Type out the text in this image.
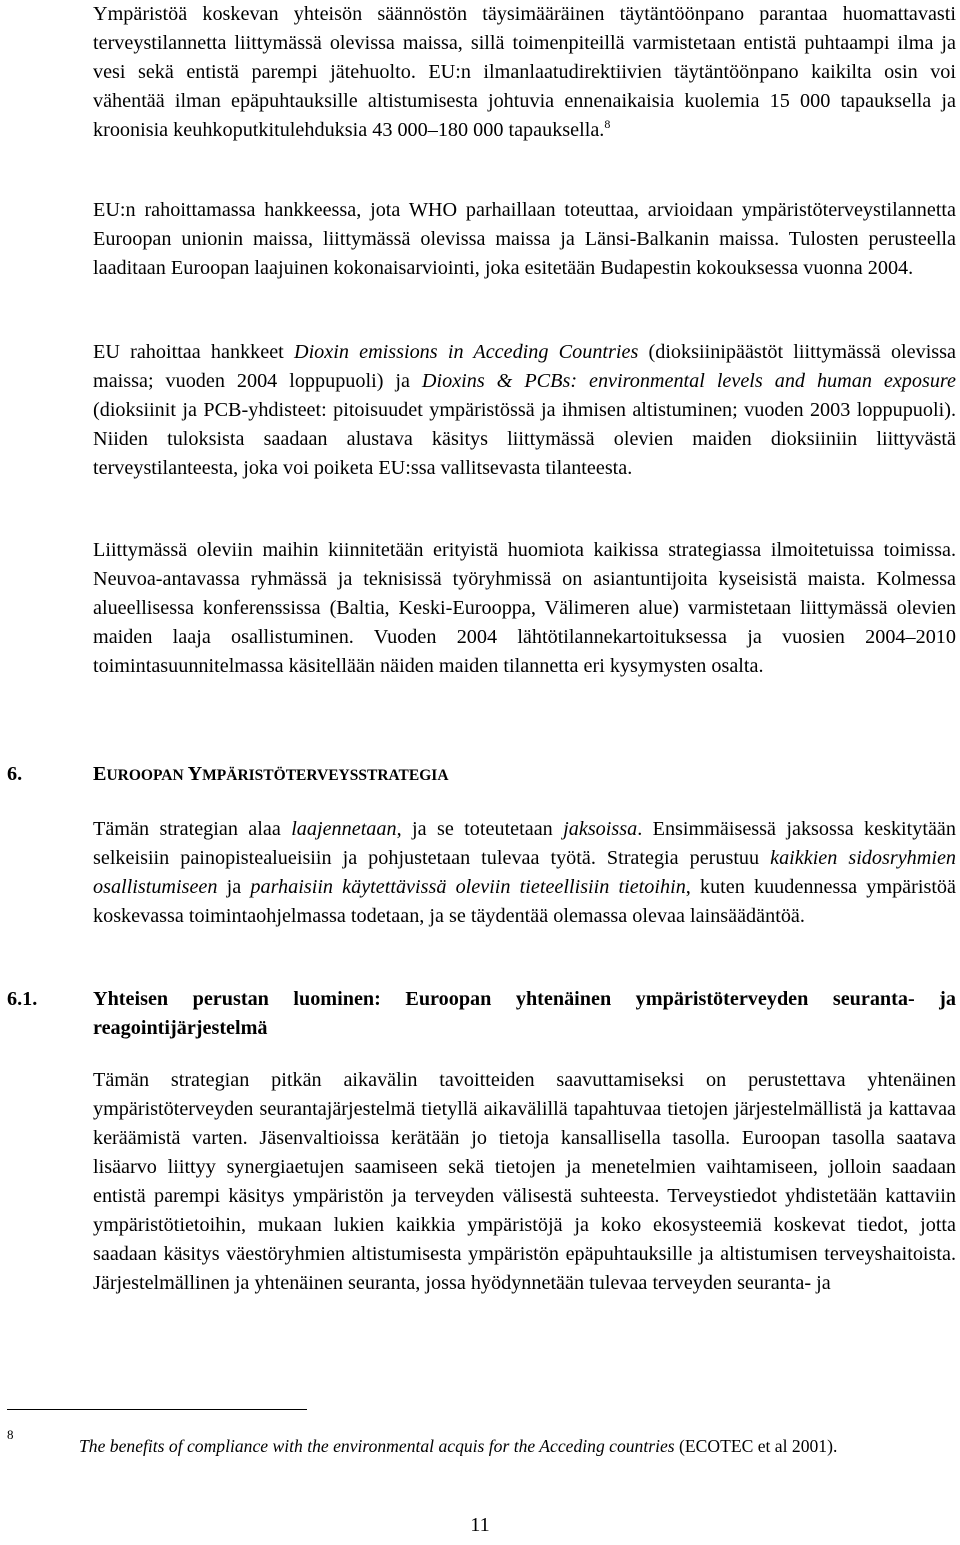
Ympäristöä koskevan yhteisön säännöstön täysimääräinen täytäntöönpano parantaa huomattavasti terveystilannetta liittymässä olevissa maissa, sillä toimenpiteillä varmistetaan entistä puhtaampi ilma ja vesi sekä entistä parempi jätehuolto. EU:n ilmanlaatudirektiivien täytäntöönpano kaikilta osin voi vähentää ilman epäpuhtauksille altistumisesta johtuvia ennenaikaisia kuolemia 15 000 tapauksella ja kroonisia keuhkoputkitulehduksia 43 000–180 000 tapauksella.$^8$

EU:n rahoittamassa hankkeessa, jota WHO parhaillaan toteuttaa, arvioidaan ympäristöterveystilannetta Euroopan unionin maissa, liittymässä olevissa maissa ja Länsi-Balkanin maissa. Tulosten perusteella laaditaan Euroopan laajuinen kokonaisarviointi, joka esitetään Budapestin kokouksessa vuonna 2004.

EU rahoittaa hankkeet Dioxin emissions in Acceding Countries (dioksiinipäästöt liittymässä olevissa maissa; vuoden 2004 loppupuoli) ja Dioxins & PCBs: environmental levels and human exposure (dioksiinit ja PCB-yhdisteet: pitoisuudet ympäristössä ja ihmisen altistuminen; vuoden 2003 loppupuoli). Niiden tuloksista saadaan alustava käsitys liittymässä olevien maiden dioksiiniin liittyvästä terveystilanteesta, joka voi poiketa EU:ssa vallitsevasta tilanteesta.

Liittymässä oleviin maihin kiinnitetään erityistä huomiota kaikissa strategiassa ilmoitetuissa toimissa. Neuvoa-antavassa ryhmässä ja teknisissä työryhmissä on asiantuntijoita kyseisistä maista. Kolmessa alueellisessa konferenssissa (Baltia, Keski-Eurooppa, Välimeren alue) varmistetaan liittymässä olevien maiden laaja osallistuminen. Vuoden 2004 lähtötilannekartoituksessa ja vuosien 2004–2010 toimintasuunnitelmassa käsitellään näiden maiden tilannetta eri kysymysten osalta.

6.	EUROOPAN YMPÄRISTÖTERVEYSSTRATEGIA

Tämän strategian alaa laajennetaan, ja se toteutetaan jaksoissa. Ensimmäisessä jaksossa keskitytään selkeisiin painopistealueisiin ja pohjustetaan tulevaa työtä. Strategia perustuu kaikkien sidosryhmien osallistumiseen ja parhaisiin käytettävissä oleviin tieteellisiin tietoihin, kuten kuudennessa ympäristöä koskevassa toimintaohjelmassa todetaan, ja se täydentää olemassa olevaa lainsäädäntöä.

6.1.	Yhteisen perustan luominen: Euroopan yhtenäinen ympäristöterveyden seuranta- ja reagointijärjestelmä

Tämän strategian pitkän aikavälin tavoitteiden saavuttamiseksi on perustettava yhtenäinen ympäristöterveyden seurantajärjestelmä tietyllä aikavälillä tapahtuvaa tietojen järjestelmällistä ja kattavaa keräämistä varten. Jäsenvaltioissa kerätään jo tietoja kansallisella tasolla. Euroopan tasolla saatava lisäarvo liittyy synergiaetujen saamiseen sekä tietojen ja menetelmien vaihtamiseen, jolloin saadaan entistä parempi käsitys ympäristön ja terveyden välisestä suhteesta. Terveystiedot yhdistetään kattaviin ympäristötietoihin, mukaan lukien kaikkia ympäristöjä ja koko ekosysteemiä koskevat tiedot, jotta saadaan käsitys väestöryhmien altistumisesta ympäristön epäpuhtauksille ja altistumisen terveyshaitoista. Järjestelmällinen ja yhtenäinen seuranta, jossa hyödynnetään tulevaa terveyden seuranta- ja

8

The benefits of compliance with the environmental acquis for the Acceding countries (ECOTEC et al 2001).

11
